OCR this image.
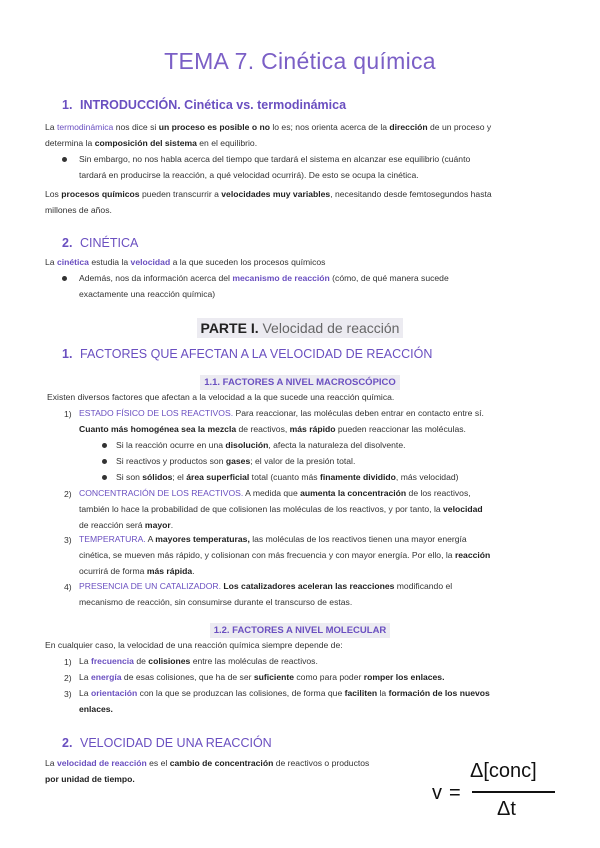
TEMA 7. Cinética química
1. INTRODUCCIÓN. Cinética vs. termodinámica
La termodinámica nos dice si un proceso es posible o no lo es; nos orienta acerca de la dirección de un proceso y
determina la composición del sistema en el equilibrio.
Sin embargo, no nos habla acerca del tiempo que tardará el sistema en alcanzar ese equilibrio (cuánto
tardará en producirse la reacción, a qué velocidad ocurrirá). De esto se ocupa la cinética.
Los procesos químicos pueden transcurrir a velocidades muy variables, necesitando desde femtosegundos hasta
millones de años.
2. CINÉTICA
La cinética estudia la velocidad a la que suceden los procesos químicos
Además, nos da información acerca del mecanismo de reacción (cómo, de qué manera sucede
exactamente una reacción química)
PARTE I. Velocidad de reacción
1. FACTORES QUE AFECTAN A LA VELOCIDAD DE REACCIÓN
1.1. FACTORES A NIVEL MACROSCÓPICO
Existen diversos factores que afectan a la velocidad a la que sucede una reacción química.
1) ESTADO FÍSICO DE LOS REACTIVOS. Para reaccionar, las moléculas deben entrar en contacto entre sí.
Cuanto más homogénea sea la mezcla de reactivos, más rápido pueden reaccionar las moléculas.
Si la reacción ocurre en una disolución, afecta la naturaleza del disolvente.
Si reactivos y productos son gases; el valor de la presión total.
Si son sólidos; el área superficial total (cuanto más finamente dividido, más velocidad)
2) CONCENTRACIÓN DE LOS REACTIVOS. A medida que aumenta la concentración de los reactivos,
también lo hace la probabilidad de que colisionen las moléculas de los reactivos, y por tanto, la velocidad
de reacción será mayor.
3) TEMPERATURA. A mayores temperaturas, las moléculas de los reactivos tienen una mayor energía
cinética, se mueven más rápido, y colisionan con más frecuencia y con mayor energía. Por ello, la reacción
ocurrirá de forma más rápida.
4) PRESENCIA DE UN CATALIZADOR. Los catalizadores aceleran las reacciones modificando el
mecanismo de reacción, sin consumirse durante el transcurso de estas.
1.2. FACTORES A NIVEL MOLECULAR
En cualquier caso, la velocidad de una reacción química siempre depende de:
1) La frecuencia de colisiones entre las moléculas de reactivos.
2) La energía de esas colisiones, que ha de ser suficiente como para poder romper los enlaces.
3) La orientación con la que se produzcan las colisiones, de forma que faciliten la formación de los nuevos
enlaces.
2. VELOCIDAD DE UNA REACCIÓN
La velocidad de reacción es el cambio de concentración de reactivos o productos
por unidad de tiempo.
v =
Δ[conc]
Δt
